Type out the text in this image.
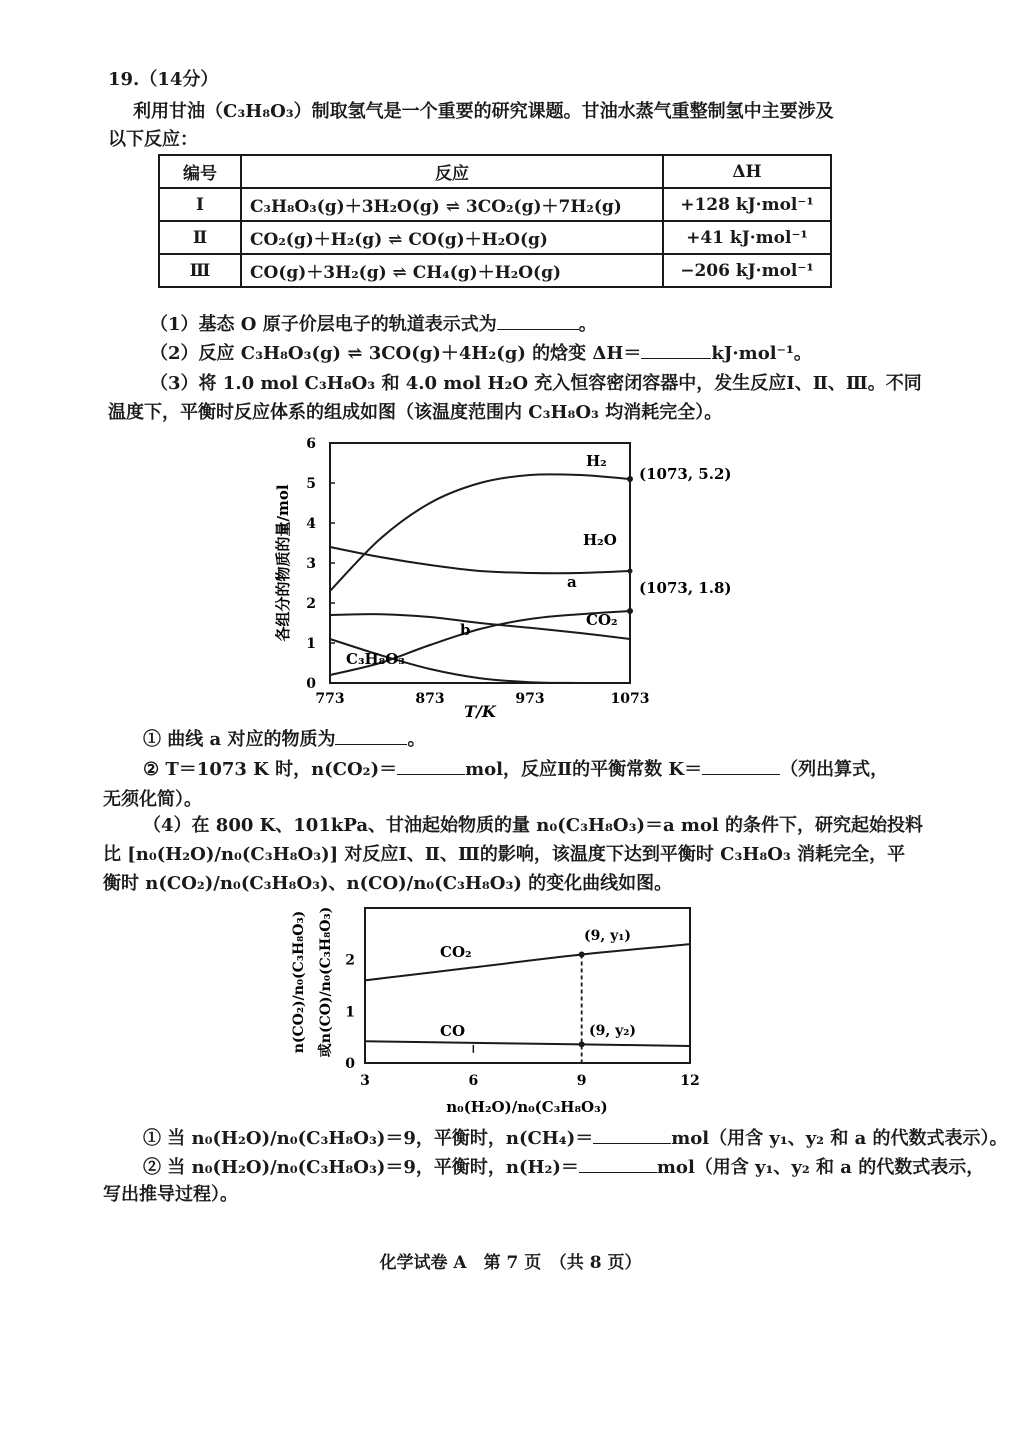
19.（14分）
利用甘油（C₃H₈O₃）制取氢气是一个重要的研究课题。甘油水蒸气重整制氢中主要涉及
以下反应：
编号	反应	ΔH
Ⅰ	C₃H₈O₃(g)＋3H₂O(g) ⇌ 3CO₂(g)＋7H₂(g)	+128 kJ·mol⁻¹
Ⅱ	CO₂(g)＋H₂(g) ⇌ CO(g)＋H₂O(g)	+41 kJ·mol⁻¹
Ⅲ	CO(g)＋3H₂(g) ⇌ CH₄(g)＋H₂O(g)	−206 kJ·mol⁻¹
（1）基态 O 原子价层电子的轨道表示式为	。
（2）反应 C₃H₈O₃(g) ⇌ 3CO(g)＋4H₂(g) 的焓变 ΔH＝	kJ·mol⁻¹。
（3）将 1.0 mol C₃H₈O₃ 和 4.0 mol H₂O 充入恒容密闭容器中，发生反应Ⅰ、Ⅱ、Ⅲ。不同
温度下，平衡时反应体系的组成如图（该温度范围内 C₃H₈O₃ 均消耗完全）。
773	873	973	1073
0
1
2
3
4
5
6
各组分的物质的量/mol
T/K
(1073, 5.2)
(1073, 1.8)
H₂
H₂O
a
CO₂
b
C₃H₈O₃
① 曲线 a 对应的物质为	。
② T＝1073 K 时，n(CO₂)＝	mol，反应Ⅱ的平衡常数 K＝	（列出算式，
无须化简）。
（4）在 800 K、101kPa、甘油起始物质的量 n₀(C₃H₈O₃)＝a mol 的条件下，研究起始投料
比 [n₀(H₂O)/n₀(C₃H₈O₃)] 对反应Ⅰ、Ⅱ、Ⅲ的影响，该温度下达到平衡时 C₃H₈O₃ 消耗完全，平
衡时 n(CO₂)/n₀(C₃H₈O₃)、n(CO)/n₀(C₃H₈O₃) 的变化曲线如图。
3	6	9	12
0
1
2
n(CO₂)/n₀(C₃H₈O₃) 或n(CO)/n₀(C₃H₈O₃)
n₀(H₂O)/n₀(C₃H₈O₃)
CO₂
CO
(9, y₁)
(9, y₂)
① 当 n₀(H₂O)/n₀(C₃H₈O₃)＝9，平衡时，n(CH₄)＝	mol（用含 y₁、y₂ 和 a 的代数式表示）。
② 当 n₀(H₂O)/n₀(C₃H₈O₃)＝9，平衡时，n(H₂)＝	mol（用含 y₁、y₂ 和 a 的代数式表示，
写出推导过程）。
化学试卷 A　第 7 页　（共 8 页）
